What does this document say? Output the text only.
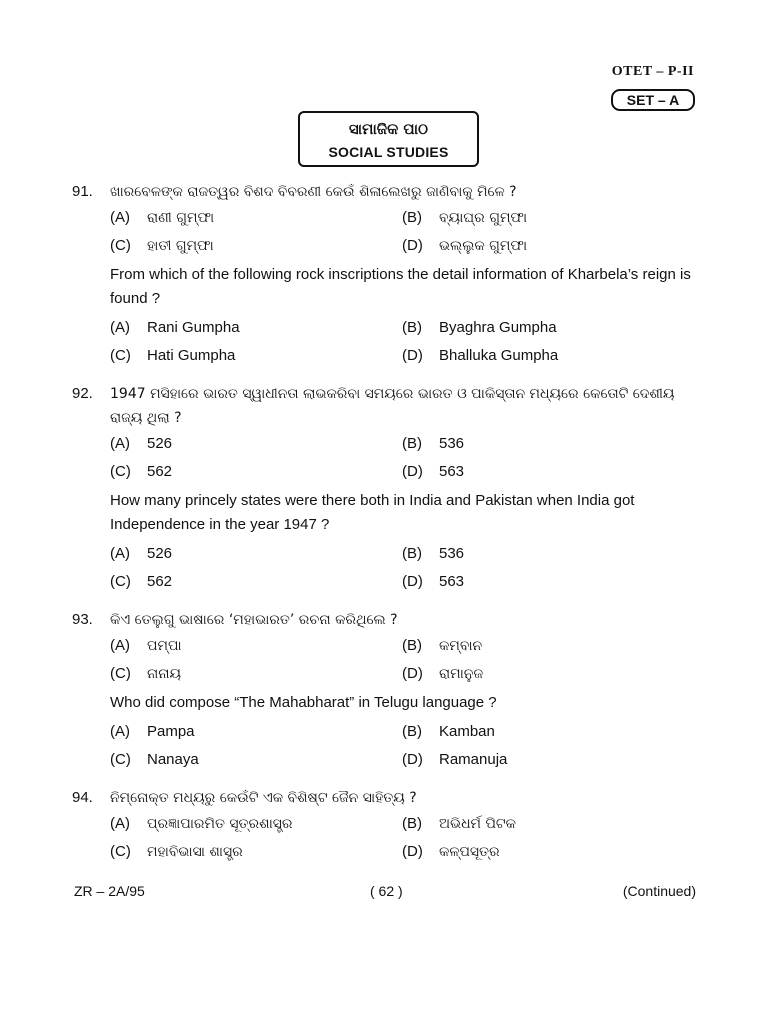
OTET – P-II
SET – A
ସାମାଜିକ ପାଠ
SOCIAL STUDIES
91.	ଖାରବେଳଙ୍କ ରାଜତ୍ୱର ବିଶଦ ବିବରଣୀ କେଉଁ ଶିଳାଲେଖରୁ ଜାଣିବାକୁ ମିଳେ ?
(A)	ରାଣୀ ଗୁମ୍ଫା	(B)	ବ୍ୟାଘ୍ର ଗୁମ୍ଫା
(C)	ହାତୀ ଗୁମ୍ଫା	(D)	ଭଲ୍ଲୁକ ଗୁମ୍ଫା
From which of the following rock inscriptions the detail information of Kharbela’s reign is found ?
(A)	Rani Gumpha	(B)	Byaghra Gumpha
(C)	Hati Gumpha	(D)	Bhalluka Gumpha
92.	1947 ମସିହାରେ ଭାରତ ସ୍ୱାଧୀନତା ଲାଭକରିବା ସମୟରେ ଭାରତ ଓ ପାକିସ୍ତାନ ମଧ୍ୟରେ କେତୋଟି ଦେଶୀୟ ରାଜ୍ୟ ଥିଲା ?
(A)	526	(B)	536
(C)	562	(D)	563
How many princely states were there both in India and Pakistan when India got Independence in the year 1947 ?
(A)	526	(B)	536
(C)	562	(D)	563
93.	କିଏ ତେଲୁଗୁ ଭାଷାରେ ‘ମହାଭାରତ’ ରଚନା କରିଥିଲେ ?
(A)	ପମ୍ପା	(B)	କମ୍ବାନ
(C)	ନାନାୟ	(D)	ରାମାନୁଜ
Who did compose “The Mahabharat” in Telugu language ?
(A)	Pampa	(B)	Kamban
(C)	Nanaya	(D)	Ramanuja
94.	ନିମ୍ନୋକ୍ତ ମଧ୍ୟରୁ କେଉଁଟି ଏକ ବିଶିଷ୍ଟ ଜୈନ ସାହିତ୍ୟ ?
(A)	ପ୍ରଜ୍ଞାପାରମିତ ସୂତ୍ରଶାସ୍ତ୍ର	(B)	ଅଭିଧର୍ମ ପିଟକ
(C)	ମହାବିଭାସା ଶାସ୍ତ୍ର	(D)	କଳ୍ପସୂତ୍ର
ZR – 2A/95	( 62 )	(Continued)
